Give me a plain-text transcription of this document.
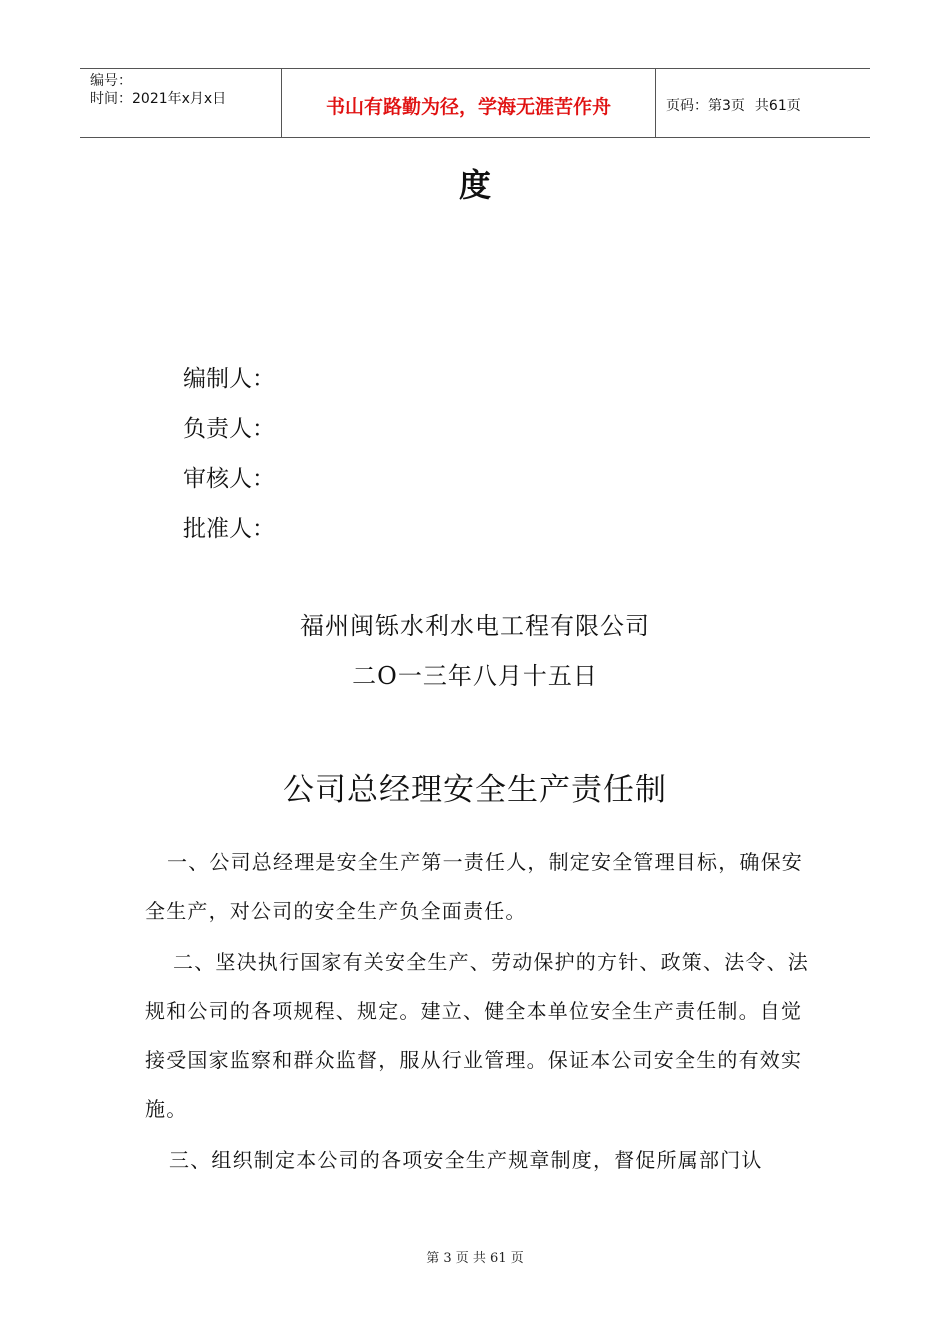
编号：
时间：2021年x月x日	书山有路勤为径，学海无涯苦作舟	页码：第3页 共61页
度
编制人：
负责人：
审核人：
批准人：
福州闽铄水利水电工程有限公司
二O一三年八月十五日
公司总经理安全生产责任制

一、公司总经理是安全生产第一责任人，制定安全管理目标，确保安全生产，对公司的安全生产负全面责任。

二、坚决执行国家有关安全生产、劳动保护的方针、政策、法令、法规和公司的各项规程、规定。建立、健全本单位安全生产责任制。自觉接受国家监察和群众监督，服从行业管理。保证本公司安全生的有效实施。

三、组织制定本公司的各项安全生产规章制度，督促所属部门认

第 3 页 共 61 页
